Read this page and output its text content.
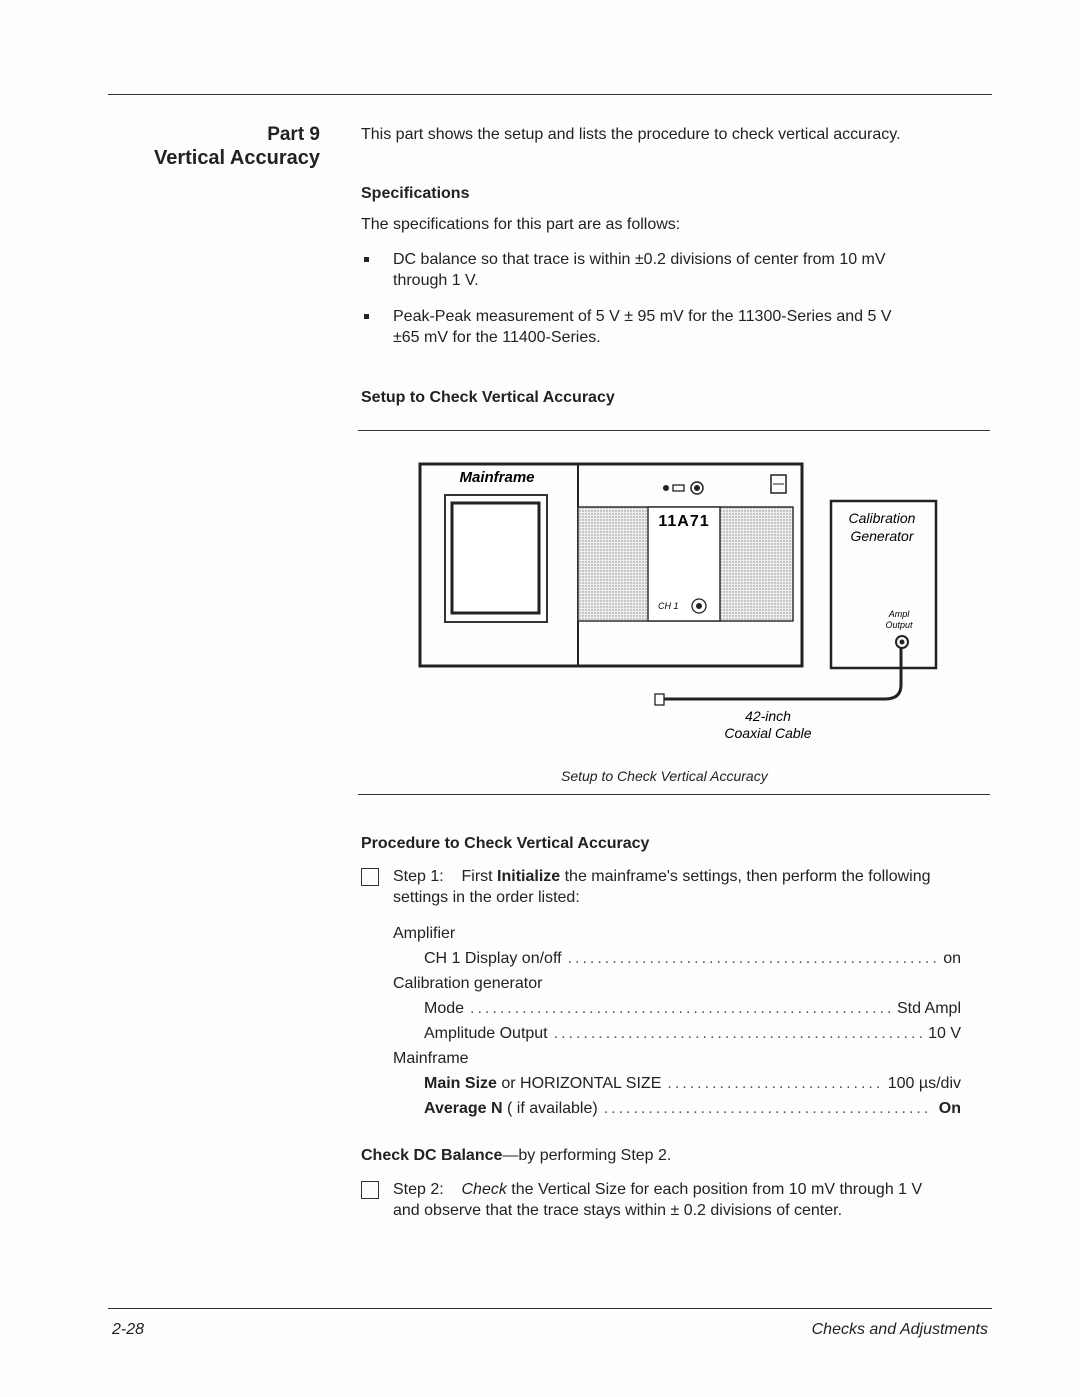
Part 9
Vertical Accuracy
This part shows the setup and lists the procedure to check vertical accuracy.
Specifications
The specifications for this part are as follows:
DC balance so that trace is within ±0.2 divisions of center from 10 mV
through 1 V.
Peak-Peak measurement of 5 V ± 95 mV for the 11300-Series and 5 V
±65 mV for the 11400-Series.
Setup to Check Vertical Accuracy
Mainframe
11A71
CH 1
Calibration
Generator
Ampl
Output
42-inch
Coaxial Cable
Setup to Check Vertical Accuracy
Procedure to Check Vertical Accuracy
Step 1: First Initialize the mainframe's settings, then perform the following
settings in the order listed:
Amplifier
CH 1 Display on/off .....	on
Calibration generator
Mode .....	Std Ampl
Amplitude Output .....	10 V
Mainframe
Main Size or HORIZONTAL SIZE .....	100 µs/div
Average N ( if available) .....	On
Check DC Balance—by performing Step 2.
Step 2: Check the Vertical Size for each position from 10 mV through 1 V
and observe that the trace stays within ± 0.2 divisions of center.
2-28	Checks and Adjustments
